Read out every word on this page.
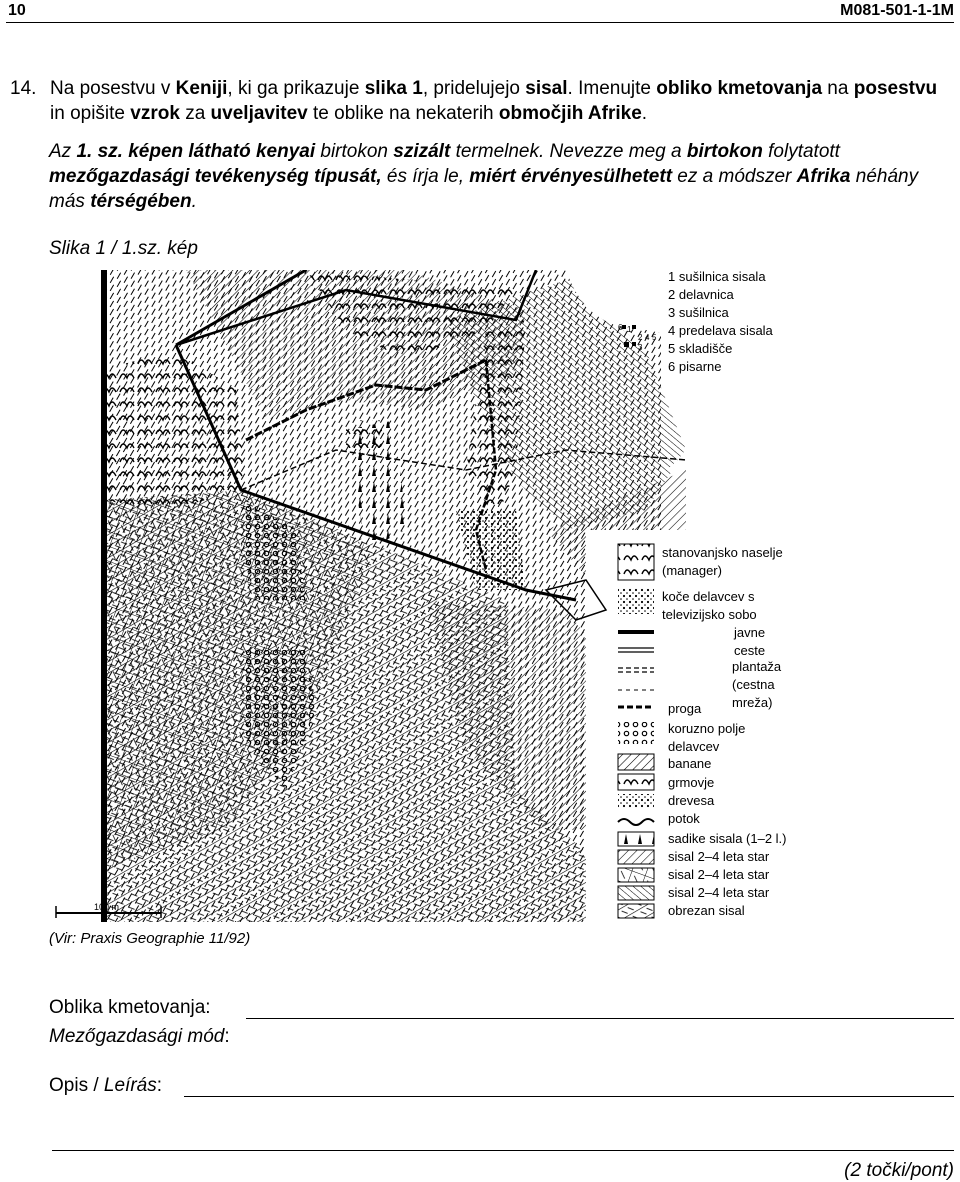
10	M081-501-1-1M
14. Na posestvu v Keniji, ki ga prikazuje slika 1, pridelujejo sisal. Imenujte obliko kmetovanja na posestvu in opišite vzrok za uveljavitev te oblike na nekaterih območjih Afrike.
Az 1. sz. képen látható kenyai birtokon szizált termelnek. Nevezze meg a birtokon folytatott mezőgazdasági tevékenység típusát, és írja le, miért érvényesülhetett ez a módszer Afrika néhány más térségében.
Slika 1 / 1.sz. kép
100 m
6 1
2 4 5
3
1 sušilnica sisala
2 delavnica
3 sušilnica
4 predelava sisala
5 skladišče
6 pisarne
stanovanjsko naselje (manager)
koče delavcev s televizijsko sobo
javne ceste
plantaža (cestna mreža)
proga
koruzno polje delavcev
banane
grmovje
drevesa
potok
sadike sisala (1–2 l.)
sisal 2–4 leta star
sisal 2–4 leta star
sisal 2–4 leta star
obrezan sisal
(Vir: Praxis Geographie 11/92)
Oblika kmetovanja:
Mezőgazdasági mód:
Opis / Leírás:
(2 točki/pont)
